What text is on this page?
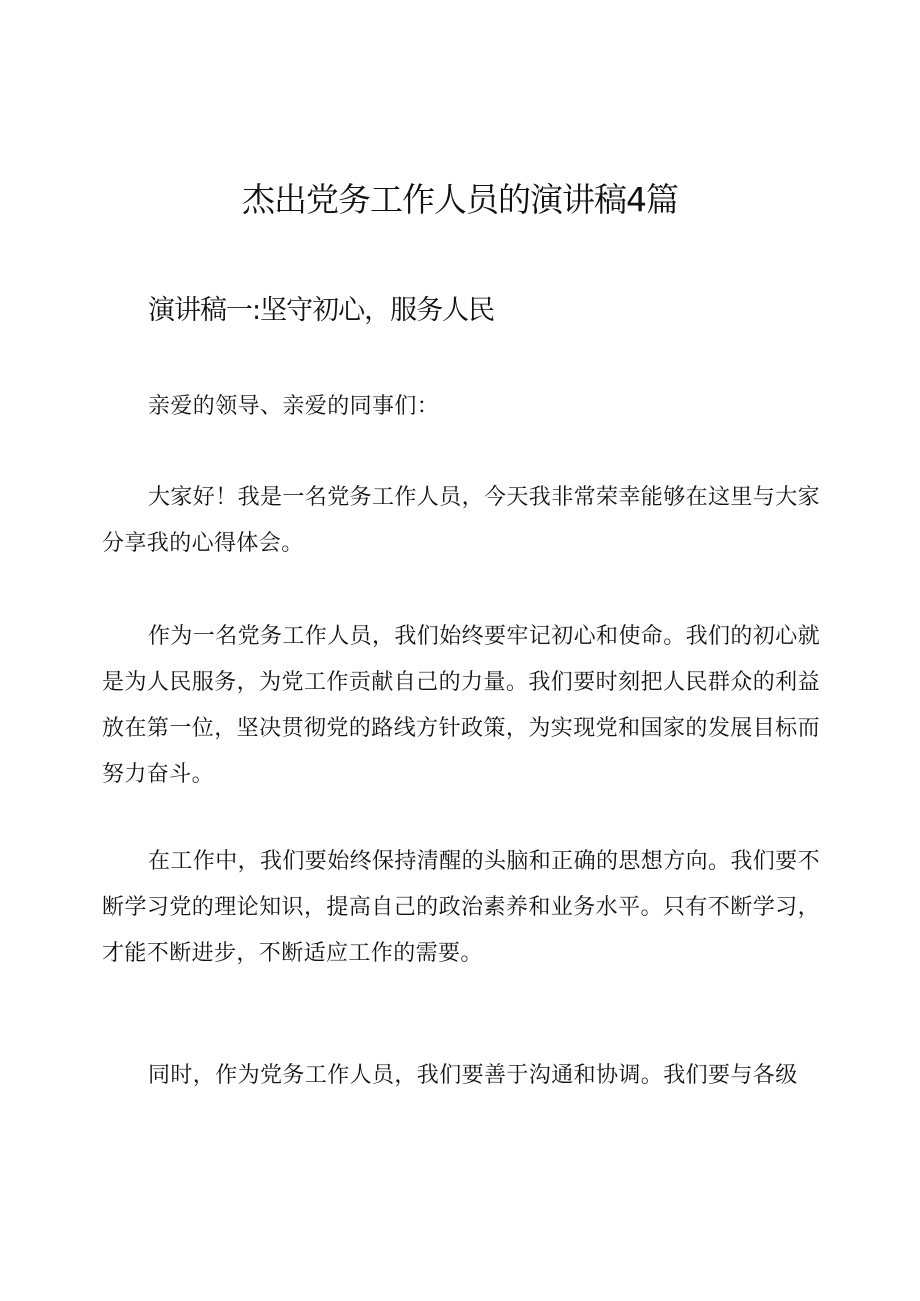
杰出党务工作人员的演讲稿4篇
演讲稿一:坚守初心，服务人民

亲爱的领导、亲爱的同事们：

大家好！我是一名党务工作人员，今天我非常荣幸能够在这里与大家分享我的心得体会。

作为一名党务工作人员，我们始终要牢记初心和使命。我们的初心就是为人民服务，为党工作贡献自己的力量。我们要时刻把人民群众的利益放在第一位，坚决贯彻党的路线方针政策，为实现党和国家的发展目标而努力奋斗。

在工作中，我们要始终保持清醒的头脑和正确的思想方向。我们要不断学习党的理论知识，提高自己的政治素养和业务水平。只有不断学习，才能不断进步，不断适应工作的需要。

同时，作为党务工作人员，我们要善于沟通和协调。我们要与各级
